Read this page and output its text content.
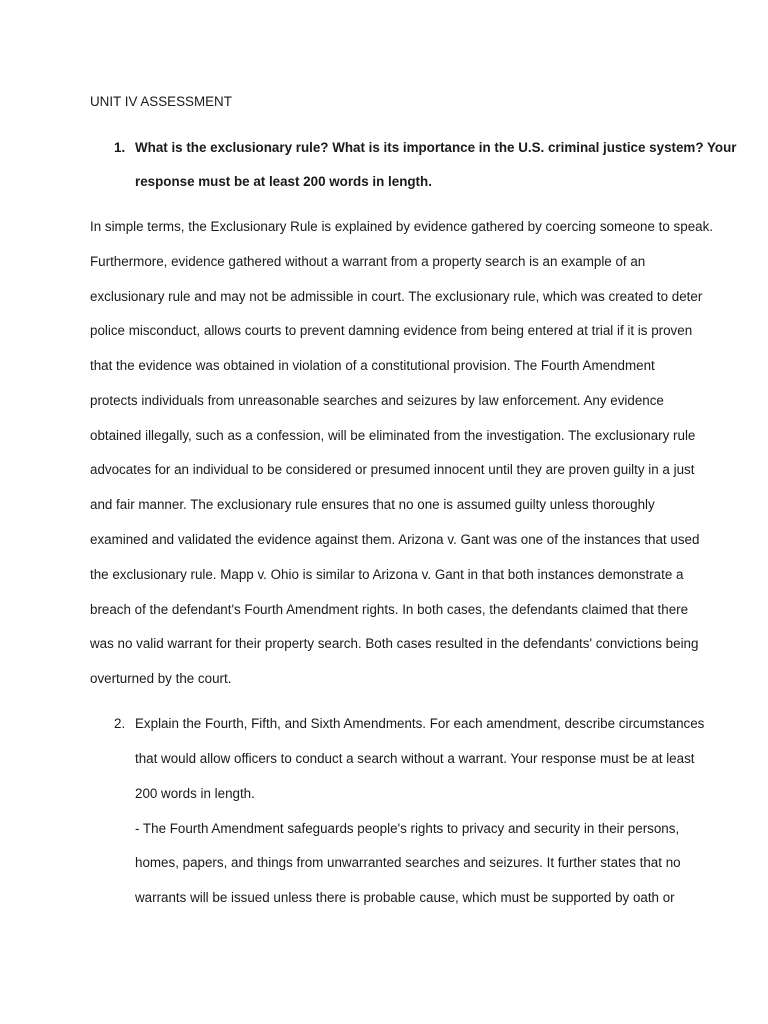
UNIT IV ASSESSMENT
1. What is the exclusionary rule? What is its importance in the U.S. criminal justice system? Your
response must be at least 200 words in length.
In simple terms, the Exclusionary Rule is explained by evidence gathered by coercing someone to speak.
Furthermore, evidence gathered without a warrant from a property search is an example of an
exclusionary rule and may not be admissible in court. The exclusionary rule, which was created to deter
police misconduct, allows courts to prevent damning evidence from being entered at trial if it is proven
that the evidence was obtained in violation of a constitutional provision. The Fourth Amendment
protects individuals from unreasonable searches and seizures by law enforcement. Any evidence
obtained illegally, such as a confession, will be eliminated from the investigation. The exclusionary rule
advocates for an individual to be considered or presumed innocent until they are proven guilty in a just
and fair manner. The exclusionary rule ensures that no one is assumed guilty unless thoroughly
examined and validated the evidence against them. Arizona v. Gant was one of the instances that used
the exclusionary rule. Mapp v. Ohio is similar to Arizona v. Gant in that both instances demonstrate a
breach of the defendant's Fourth Amendment rights. In both cases, the defendants claimed that there
was no valid warrant for their property search. Both cases resulted in the defendants' convictions being
overturned by the court.
2. Explain the Fourth, Fifth, and Sixth Amendments. For each amendment, describe circumstances
that would allow officers to conduct a search without a warrant. Your response must be at least
200 words in length.
- The Fourth Amendment safeguards people's rights to privacy and security in their persons,
homes, papers, and things from unwarranted searches and seizures. It further states that no
warrants will be issued unless there is probable cause, which must be supported by oath or
